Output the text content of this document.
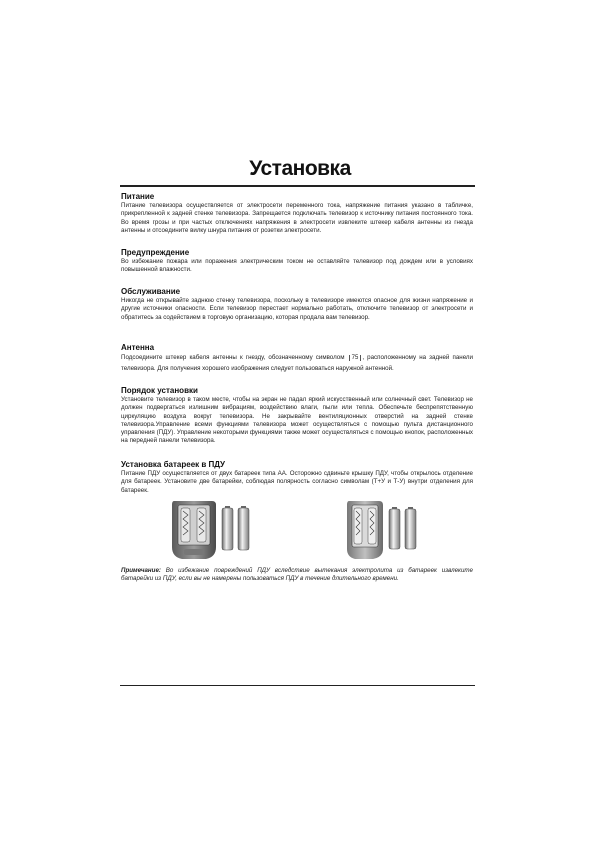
Установка
Питание

Питание телевизора осуществляется от электросети переменного тока, напряжение питания указано в табличке, прикрепленной к задней стенке телевизора. Запрещается подключать телевизор к источнику питания постоянного тока. Во время грозы и при частых отключениях напряжения в электросети извлеките штекер кабеля антенны из гнезда антенны и отсоедините вилку шнура питания от розетки электросети.

Предупреждение

Во избежание пожара или поражения электрическим током не оставляйте телевизор под дождем или в условиях повышенной влажности.

Обслуживание

Никогда не открывайте заднюю стенку телевизора, поскольку в телевизоре имеются опасное для жизни напряжение и другие источники опасности. Если телевизор перестает нормально работать, отключите телевизор от электросети и обратитесь за содействием в торговую организацию, которая продала вам телевизор.

Антенна

Подсоедините штекер кабеля антенны к гнезду, обозначенному символом 75 , расположенному на задней панели телевизора. Для получения хорошего изображения следует пользоваться наружной антенной.

Порядок установки

Установите телевизор в таком месте, чтобы на экран не падал яркий искусственный или солнечный свет. Телевизор не должен подвергаться излишним вибрациям, воздействию влаги, пыли или тепла. Обеспечьте беспрепятственную циркуляцию воздуха вокруг телевизора. Не закрывайте вентиляционных отверстий на задней стенке телевизора.Управление всеми функциями телевизора может осуществляться с помощью пульта дистанционного управления (ПДУ). Управление некоторыми функциями также может осуществляться с помощью кнопок, расположенных на передней панели телевизора.

Установка батареек в ПДУ

Питание ПДУ осуществляется от двух батареек типа АА. Осторожно сдвиньте крышку ПДУ, чтобы открылось отделение для батареек. Установите две батарейки, соблюдая полярность согласно символам (Т+У и Т-У) внутри отделения для батареек.

Примечание: Во избежание повреждений ПДУ вследствие вытекания электролита из батареек извлеките батарейки из ПДУ, если вы не намерены пользоваться ПДУ в течение длительного времени.
